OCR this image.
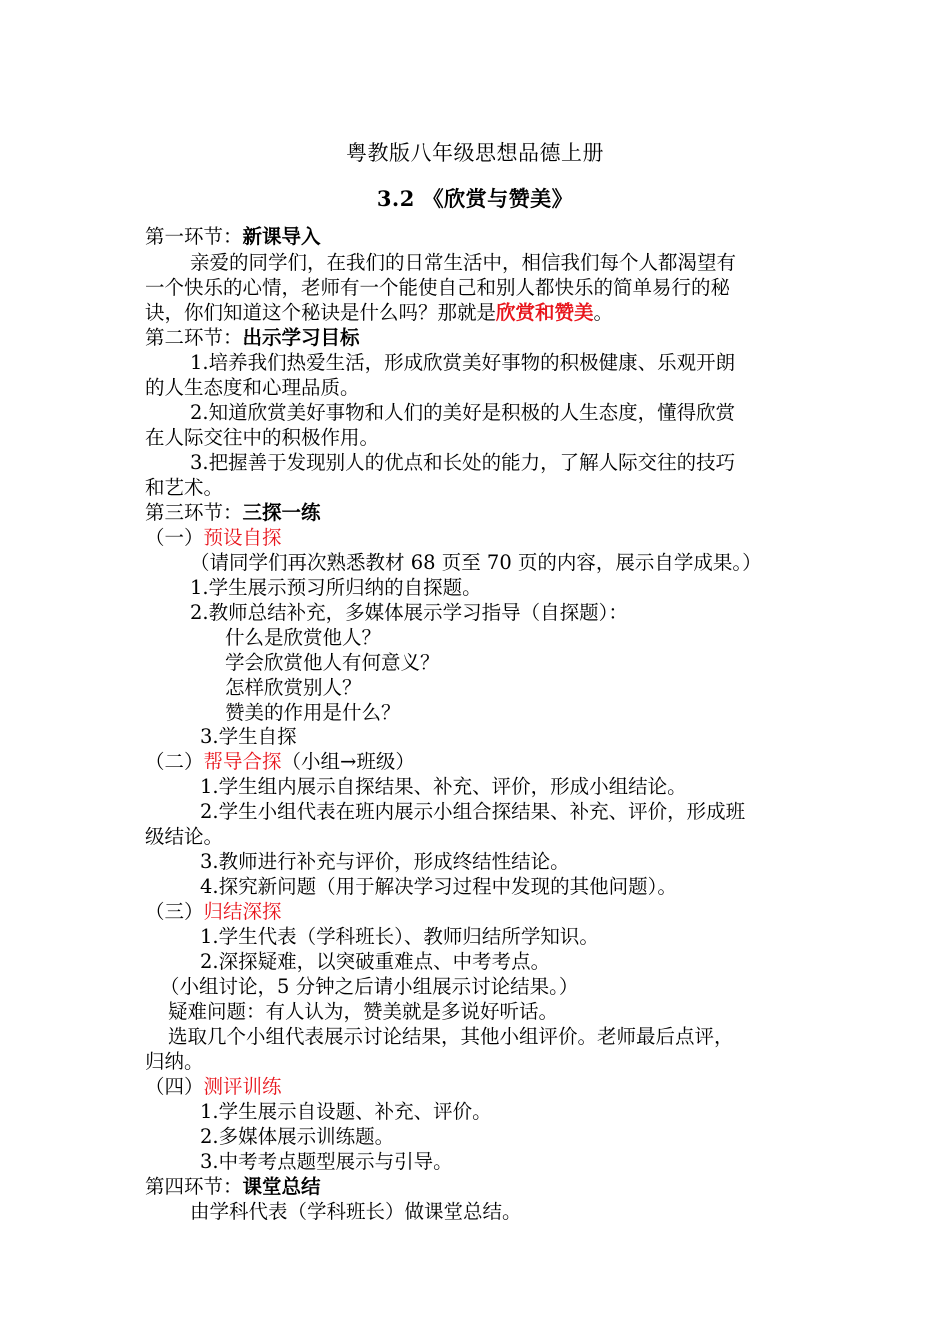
粤教版八年级思想品德上册
3.2 《欣赏与赞美》
第一环节：新课导入
亲爱的同学们，在我们的日常生活中，相信我们每个人都渴望有
一个快乐的心情，老师有一个能使自己和别人都快乐的简单易行的秘
诀，你们知道这个秘诀是什么吗？那就是欣赏和赞美。
第二环节：出示学习目标
1.培养我们热爱生活，形成欣赏美好事物的积极健康、乐观开朗
的人生态度和心理品质。
2.知道欣赏美好事物和人们的美好是积极的人生态度，懂得欣赏
在人际交往中的积极作用。
3.把握善于发现别人的优点和长处的能力，了解人际交往的技巧
和艺术。
第三环节：三探一练
（一）预设自探
（请同学们再次熟悉教材 68 页至 70 页的内容，展示自学成果。）
1.学生展示预习所归纳的自探题。
2.教师总结补充，多媒体展示学习指导（自探题）：
什么是欣赏他人？
学会欣赏他人有何意义？
怎样欣赏别人？
赞美的作用是什么？
3.学生自探
（二）帮导合探（小组→班级）
1.学生组内展示自探结果、补充、评价，形成小组结论。
2.学生小组代表在班内展示小组合探结果、补充、评价，形成班
级结论。
3.教师进行补充与评价，形成终结性结论。
4.探究新问题（用于解决学习过程中发现的其他问题）。
（三）归结深探
1.学生代表（学科班长）、教师归结所学知识。
2.深探疑难，以突破重难点、中考考点。
（小组讨论，5 分钟之后请小组展示讨论结果。）
疑难问题：有人认为，赞美就是多说好听话。
选取几个小组代表展示讨论结果，其他小组评价。老师最后点评，
归纳。
（四）测评训练
1.学生展示自设题、补充、评价。
2.多媒体展示训练题。
3.中考考点题型展示与引导。
第四环节：课堂总结
由学科代表（学科班长）做课堂总结。
